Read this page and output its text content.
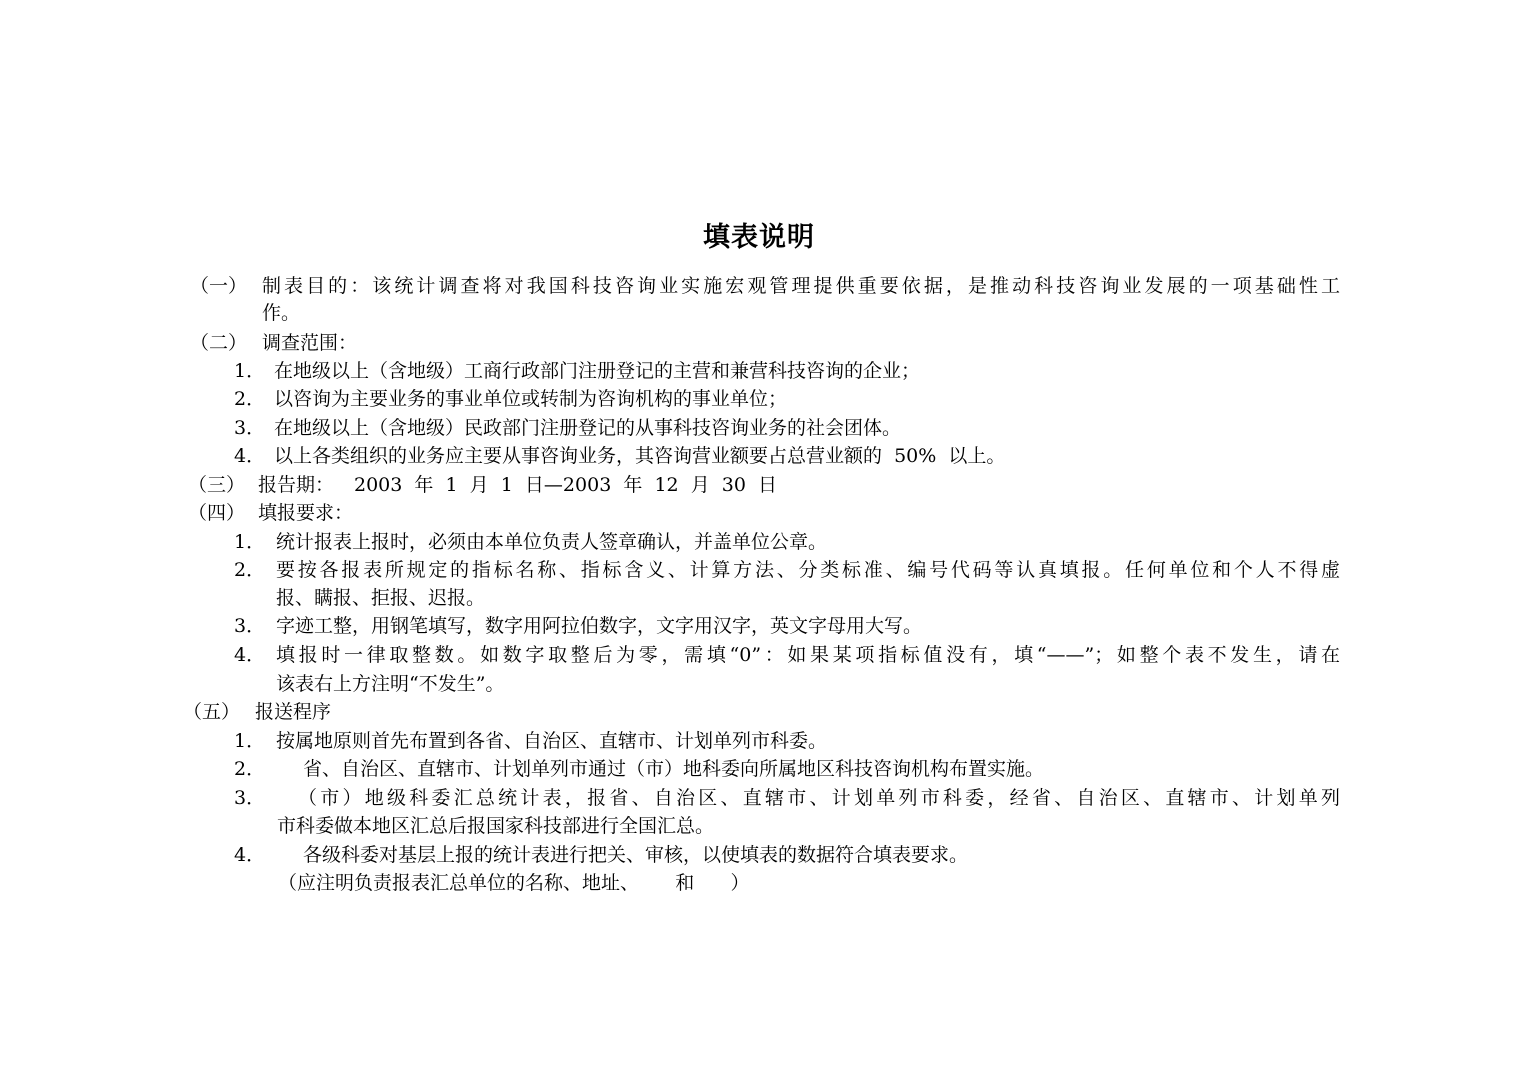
填表说明
（一） 制表目的：该统计调查将对我国科技咨询业实施宏观管理提供重要依据，是推动科技咨询业发展的一项基础性工
作。
（二） 调查范围：
1． 在地级以上（含地级）工商行政部门注册登记的主营和兼营科技咨询的企业；
2． 以咨询为主要业务的事业单位或转制为咨询机构的事业单位；
3． 在地级以上（含地级）民政部门注册登记的从事科技咨询业务的社会团体。
4． 以上各类组织的业务应主要从事咨询业务，其咨询营业额要占总营业额的  50%  以上。
（三） 报告期： 2003  年  1  月  1  日—2003  年  12  月  30  日
（四） 填报要求：
1． 统计报表上报时，必须由本单位负责人签章确认，并盖单位公章。
2． 要按各报表所规定的指标名称、指标含义、计算方法、分类标准、编号代码等认真填报。任何单位和个人不得虚
报、瞒报、拒报、迟报。
3． 字迹工整，用钢笔填写，数字用阿拉伯数字，文字用汉字，英文字母用大写。
4． 填报时一律取整数。如数字取整后为零，需填“0”：如果某项指标值没有，填“——”；如整个表不发生，请在
该表右上方注明“不发生”。
（五） 报送程序
1． 按属地原则首先布置到各省、自治区、直辖市、计划单列市科委。
2． 省、自治区、直辖市、计划单列市通过（市）地科委向所属地区科技咨询机构布置实施。
3． （市）地级科委汇总统计表，报省、自治区、直辖市、计划单列市科委，经省、自治区、直辖市、计划单列
市科委做本地区汇总后报国家科技部进行全国汇总。
4． 各级科委对基层上报的统计表进行把关、审核，以使填表的数据符合填表要求。
（应注明负责报表汇总单位的名称、地址、      和      ）
